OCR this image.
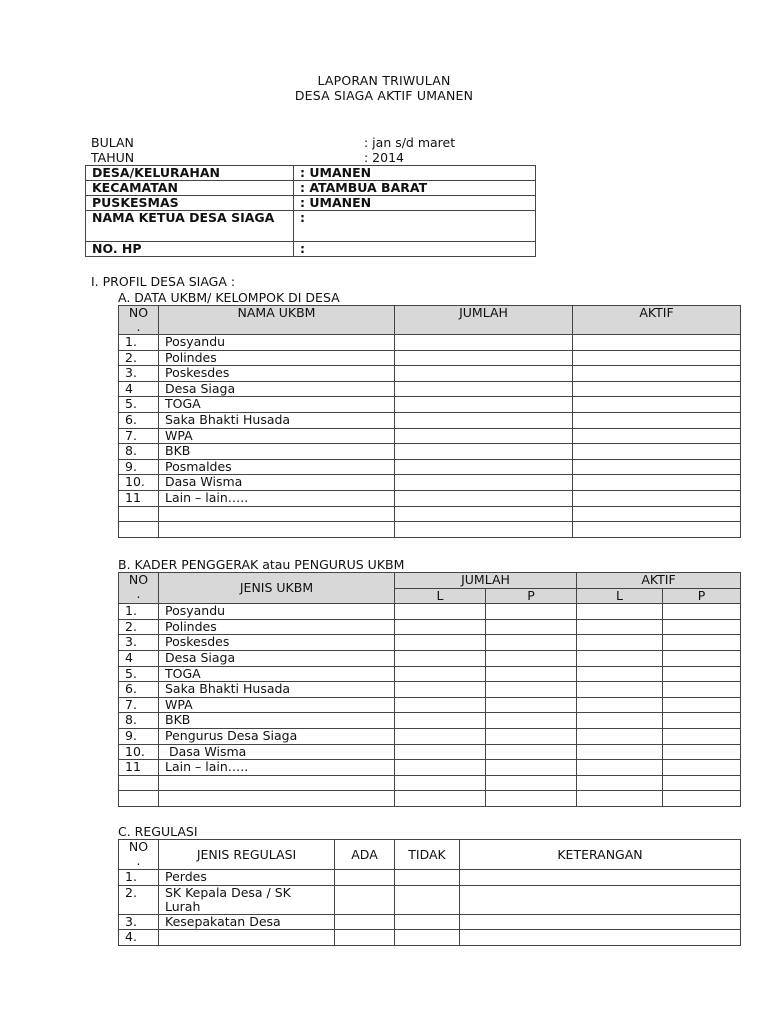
LAPORAN TRIWULAN
DESA SIAGA AKTIF UMANEN
BULAN	: jan s/d maret
TAHUN	: 2014
DESA/KELURAHAN	: UMANEN
KECAMATAN	: ATAMBUA BARAT
PUSKESMAS	: UMANEN
NAMA KETUA DESA SIAGA	:
NO. HP	:
I. PROFIL DESA SIAGA :
A. DATA UKBM/ KELOMPOK DI DESA
NO .	NAMA UKBM	JUMLAH	AKTIF
1.	Posyandu		
2.	Polindes		
3.	Poskesdes		
4	Desa Siaga		
5.	TOGA		
6.	Saka Bhakti Husada		
7.	WPA		
8.	BKB		
9.	Posmaldes		
10.	Dasa Wisma		
11	Lain – lain…..		

B. KADER PENGGERAK atau PENGURUS UKBM
NO .	JENIS UKBM	JUMLAH		AKTIF	
		L	P	L	P
1.	Posyandu				
2.	Polindes				
3.	Poskesdes				
4	Desa Siaga				
5.	TOGA				
6.	Saka Bhakti Husada				
7.	WPA				
8.	BKB				
9.	Pengurus Desa Siaga				
10.	Dasa Wisma				
11	Lain – lain…..				

C. REGULASI
NO .	JENIS REGULASI	ADA	TIDAK	KETERANGAN
1.	Perdes			
2.	SK Kepala Desa / SK Lurah			
3.	Kesepakatan Desa			
4.				
